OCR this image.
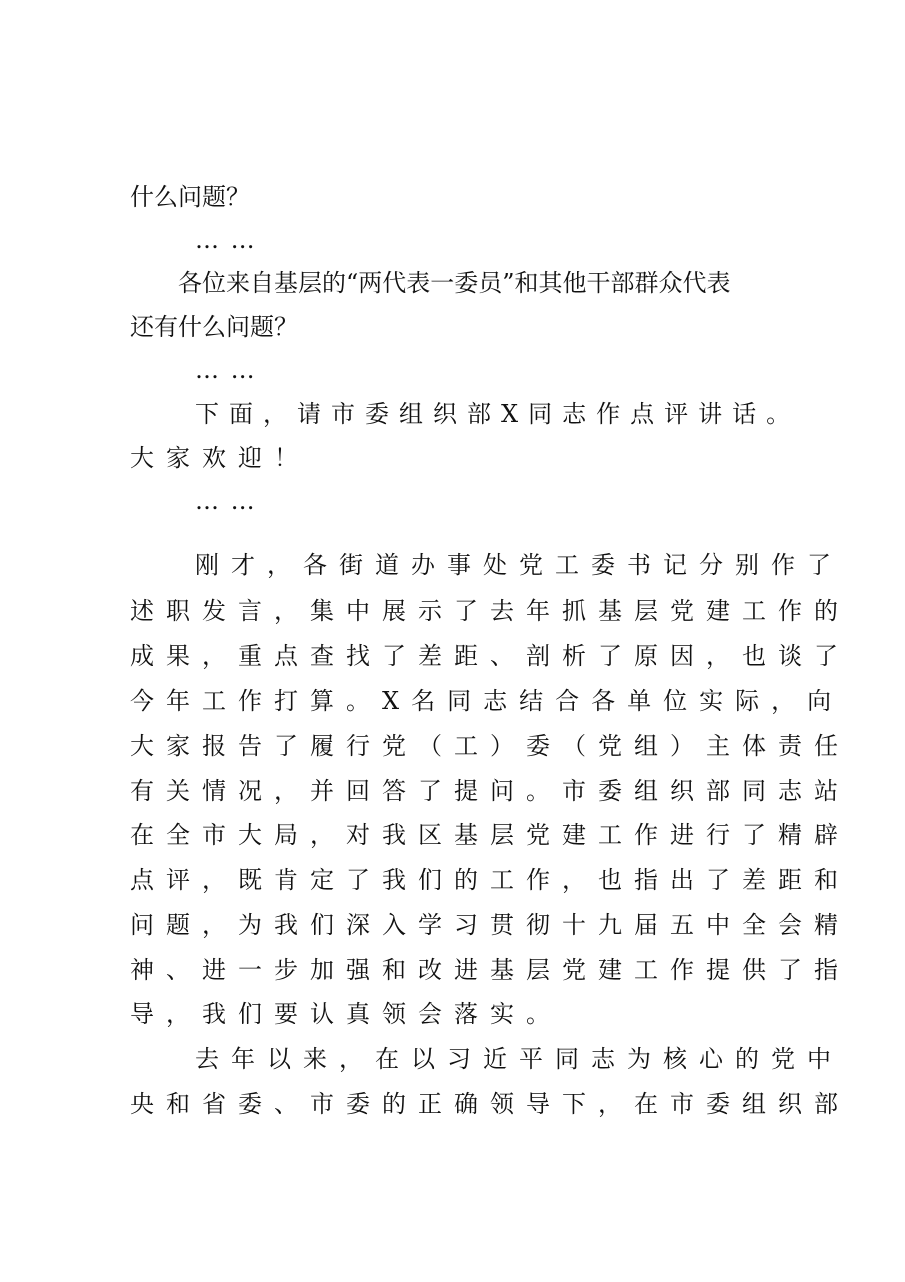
什么问题？
… …
各位来自基层的“两代表一委员”和其他干部群众代表
还有什么问题？
… …
下面，请市委组织部X同志作点评讲话。
大家欢迎！
… …
刚才，各街道办事处党工委书记分别作了
述职发言，集中展示了去年抓基层党建工作的
成果，重点查找了差距、剖析了原因，也谈了
今年工作打算。X名同志结合各单位实际，向
大家报告了履行党（工）委（党组）主体责任
有关情况，并回答了提问。市委组织部同志站
在全市大局，对我区基层党建工作进行了精辟
点评，既肯定了我们的工作，也指出了差距和
问题，为我们深入学习贯彻十九届五中全会精
神、进一步加强和改进基层党建工作提供了指
导，我们要认真领会落实。
去年以来，在以习近平同志为核心的党中
央和省委、市委的正确领导下，在市委组织部
